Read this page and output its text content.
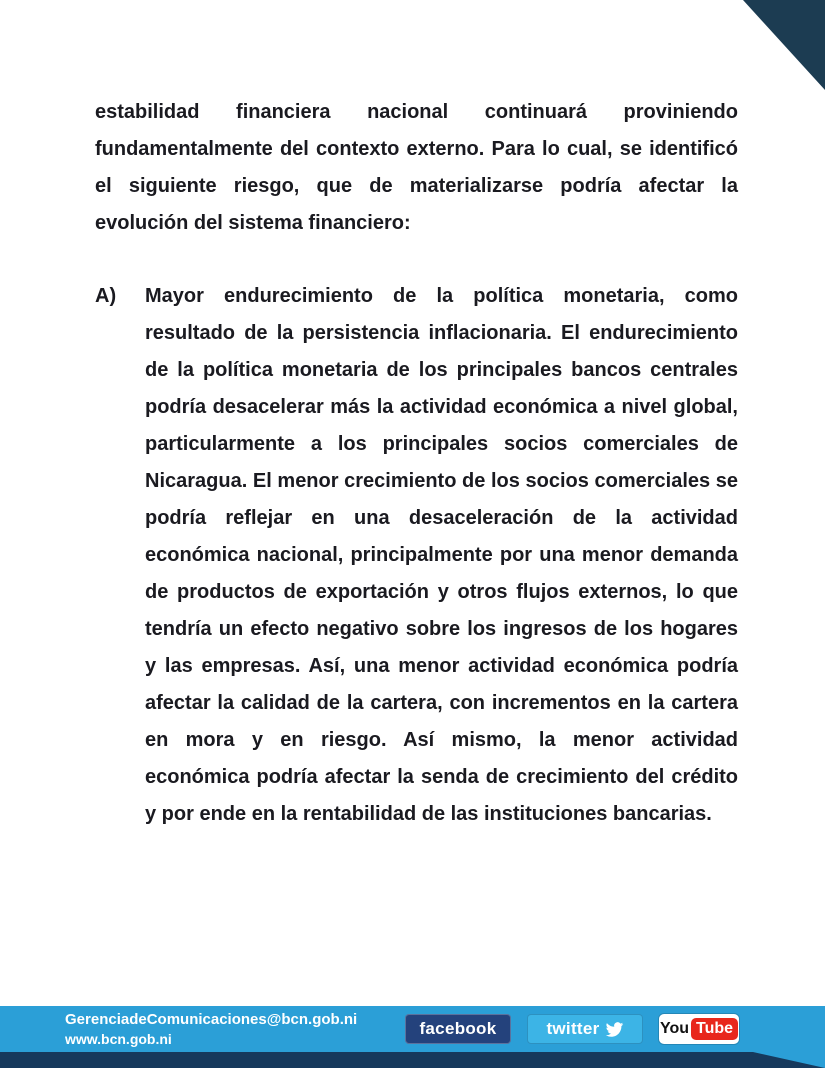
estabilidad financiera nacional continuará proviniendo fundamentalmente del contexto externo. Para lo cual, se identificó el siguiente riesgo, que de materializarse podría afectar la evolución del sistema financiero:

A)	Mayor endurecimiento de la política monetaria, como resultado de la persistencia inflacionaria. El endurecimiento de la política monetaria de los principales bancos centrales podría desacelerar más la actividad económica a nivel global, particularmente a los principales socios comerciales de Nicaragua. El menor crecimiento de los socios comerciales se podría reflejar en una desaceleración de la actividad económica nacional, principalmente por una menor demanda de productos de exportación y otros flujos externos, lo que tendría un efecto negativo sobre los ingresos de los hogares y las empresas. Así, una menor actividad económica podría afectar la calidad de la cartera, con incrementos en la cartera en mora y en riesgo. Así mismo, la menor actividad económica podría afectar la senda de crecimiento del crédito y por ende en la rentabilidad de las instituciones bancarias.
GerenciadeComunicaciones@bcn.gob.ni
www.bcn.gob.ni
facebook	twitter	You Tube
